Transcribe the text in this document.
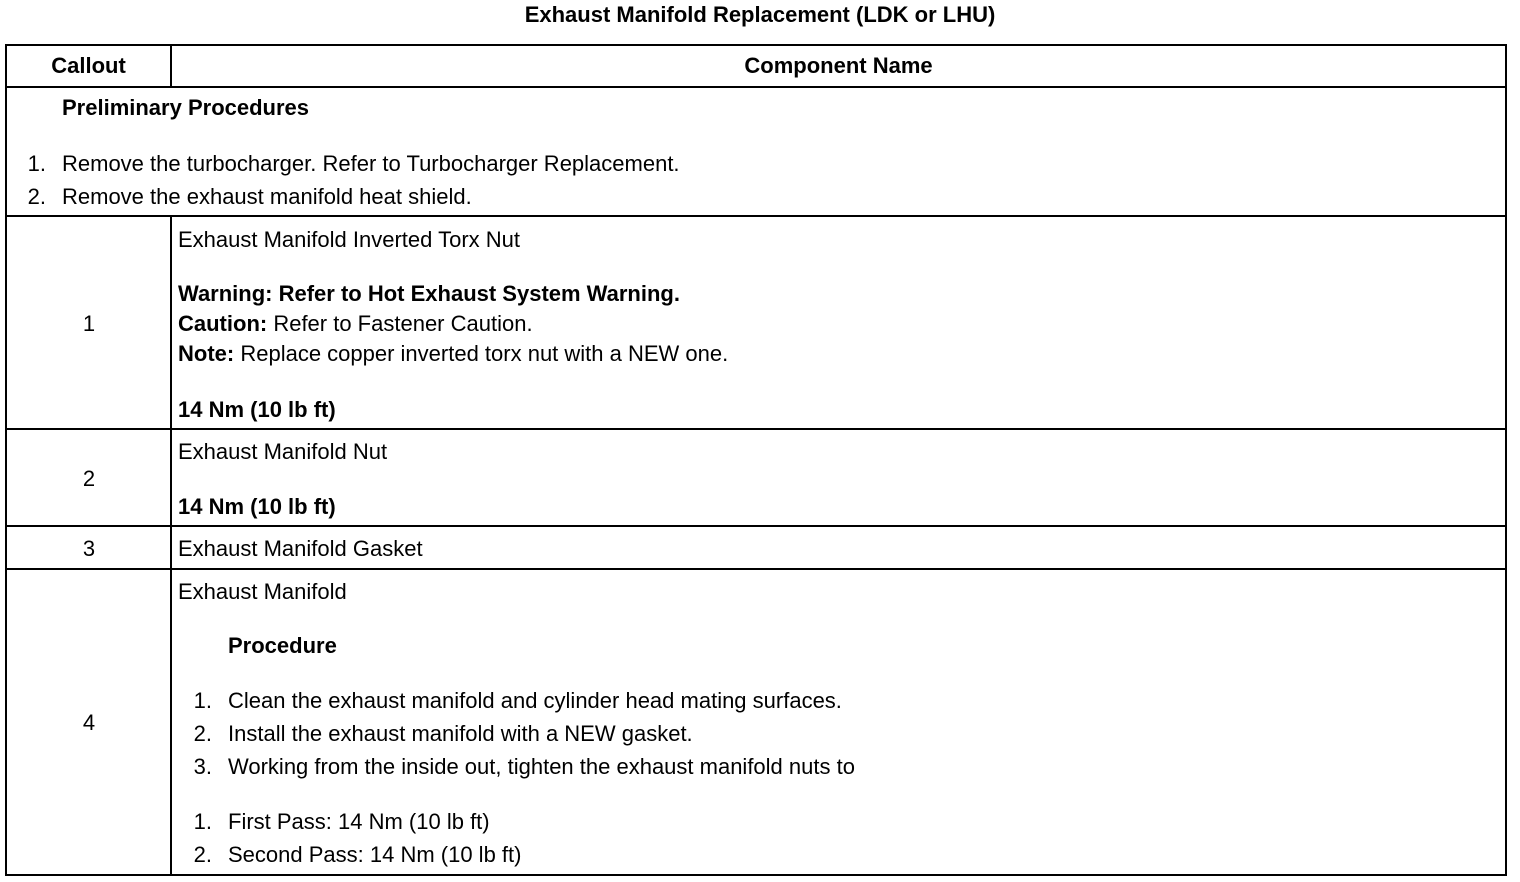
Exhaust Manifold Replacement (LDK or LHU)
Callout	Component Name
Preliminary Procedures
1. Remove the turbocharger. Refer to Turbocharger Replacement.
2. Remove the exhaust manifold heat shield.
1
Exhaust Manifold Inverted Torx Nut
Warning: Refer to Hot Exhaust System Warning.
Caution: Refer to Fastener Caution.
Note: Replace copper inverted torx nut with a NEW one.
14 Nm (10 lb ft)
2
Exhaust Manifold Nut
14 Nm (10 lb ft)
3	Exhaust Manifold Gasket
4
Exhaust Manifold
Procedure
1. Clean the exhaust manifold and cylinder head mating surfaces.
2. Install the exhaust manifold with a NEW gasket.
3. Working from the inside out, tighten the exhaust manifold nuts to
1. First Pass: 14 Nm (10 lb ft)
2. Second Pass: 14 Nm (10 lb ft)
